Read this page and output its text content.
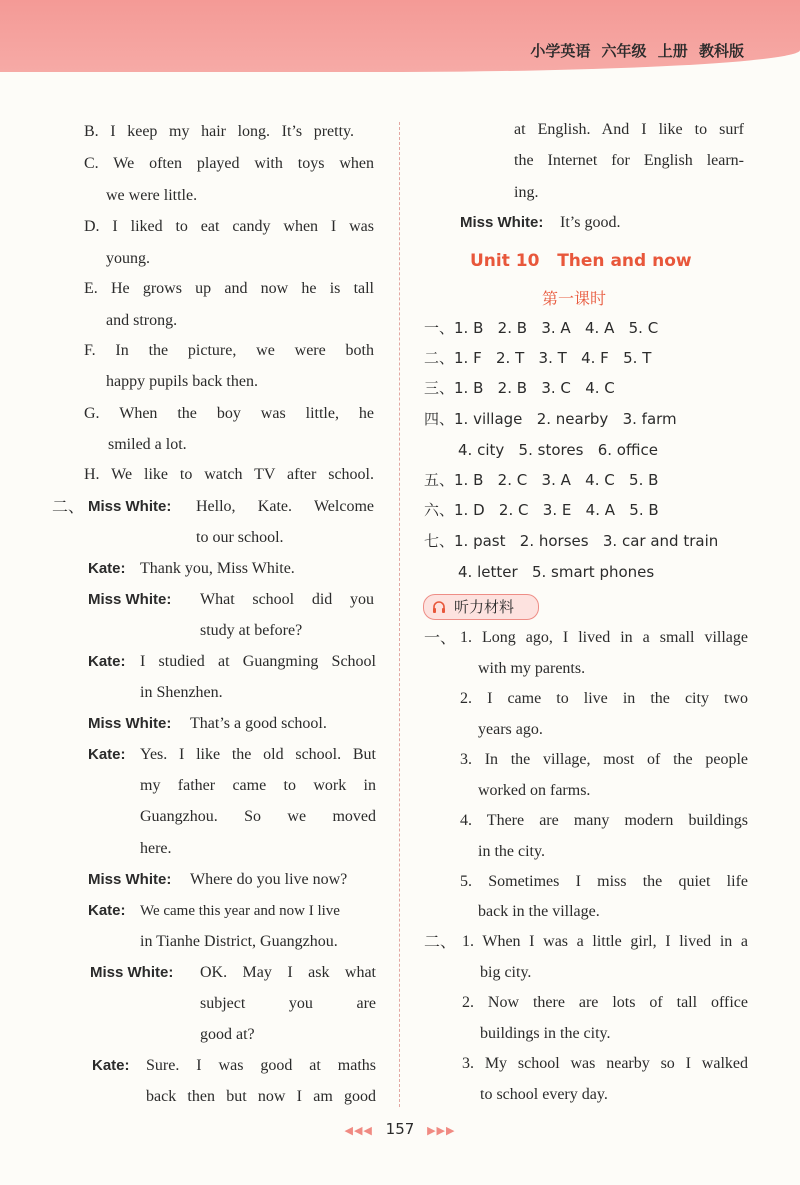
小学英语 六年级 上册 教科版
B. I keep my hair long. It’s pretty.
C. We often played with toys when
we were little.
D. I liked to eat candy when I was
young.
E. He grows up and now he is tall
and strong.
F. In the picture, we were both
happy pupils back then.
G. When the boy was little, he
smiled a lot.
H. We like to watch TV after school.
二、 Miss White: Hello, Kate. Welcome
to our school.
Kate: Thank you, Miss White.
Miss White: What school did you
study at before?
Kate: I studied at Guangming School
in Shenzhen.
Miss White: That’s a good school.
Kate: Yes. I like the old school. But
my father came to work in
Guangzhou. So we moved
here.
Miss White: Where do you live now?
Kate: We came this year and now I live
in Tianhe District, Guangzhou.
Miss White: OK. May I ask what
subject you are
good at?
Kate: Sure. I was good at maths
back then but now I am good
at English. And I like to surf
the Internet for English learn-
ing.
Miss White: It’s good.
Unit 10   Then and now
第一课时
一、1. B   2. B   3. A   4. A   5. C
二、1. F   2. T   3. T   4. F   5. T
三、1. B   2. B   3. C   4. C
四、1. village   2. nearby   3. farm
4. city   5. stores   6. office
五、1. B   2. C   3. A   4. C   5. B
六、1. D   2. C   3. E   4. A   5. B
七、1. past   2. horses   3. car and train
4. letter   5. smart phones
听力材料
一、 1. Long ago, I lived in a small village
with my parents.
2. I came to live in the city two
years ago.
3. In the village, most of the people
worked on farms.
4. There are many modern buildings
in the city.
5. Sometimes I miss the quiet life
back in the village.
二、 1. When I was a little girl, I lived in a
big city.
2. Now there are lots of tall office
buildings in the city.
3. My school was nearby so I walked
to school every day.
◀◀◀ 157 ▶▶▶
